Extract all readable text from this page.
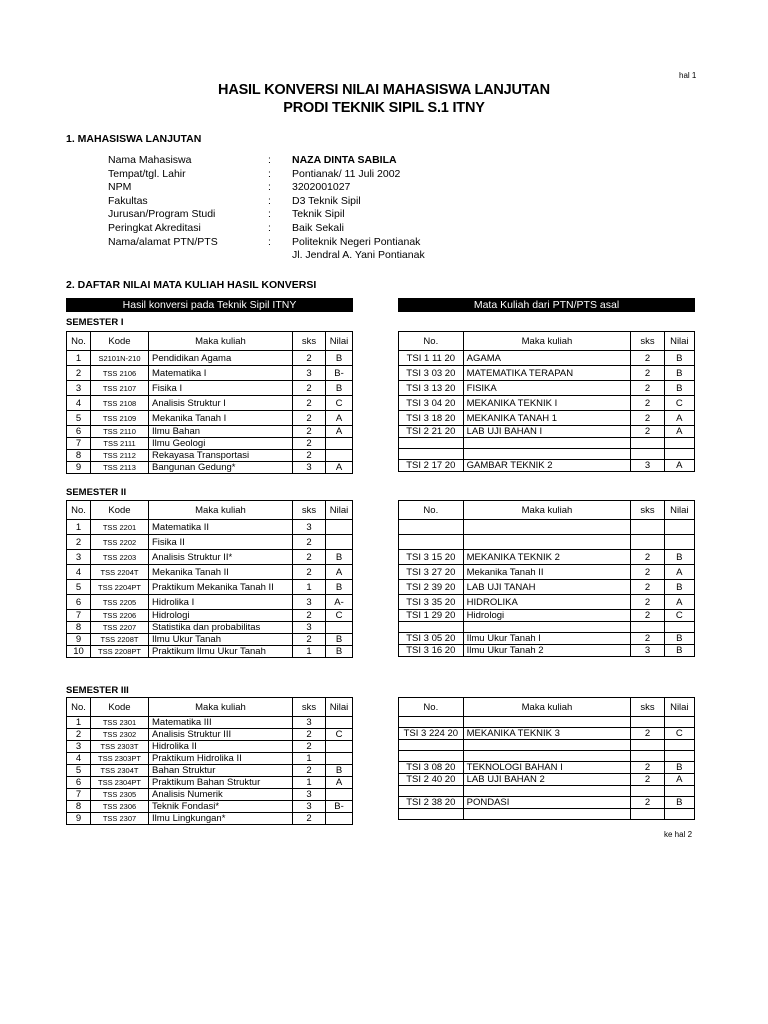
hal 1
HASIL KONVERSI NILAI MAHASISWA LANJUTAN
PRODI TEKNIK SIPIL S.1 ITNY
1. MAHASISWA LANJUTAN
Nama Mahasiswa	: NAZA DINTA SABILA
Tempat/tgl. Lahir	: Pontianak/ 11 Juli 2002
NPM	: 3202001027
Fakultas	: D3 Teknik Sipil
Jurusan/Program Studi	: Teknik Sipil
Peringkat Akreditasi	: Baik Sekali
Nama/alamat PTN/PTS	: Politeknik Negeri Pontianak
Jl. Jendral A. Yani Pontianak
2. DAFTAR NILAI MATA KULIAH HASIL KONVERSI
Hasil konversi pada Teknik Sipil ITNY	Mata Kuliah dari PTN/PTS asal
SEMESTER I
No.	Kode	Maka kuliah	sks	Nilai
1	S2101N-210	Pendidikan Agama	2	B
2	TSS 2106	Matematika I	3	B-
3	TSS 2107	Fisika I	2	B
4	TSS 2108	Analisis Struktur I	2	C
5	TSS 2109	Mekanika Tanah I	2	A
6	TSS 2110	Ilmu Bahan	2	A
7	TSS 2111	Ilmu Geologi	2	
8	TSS 2112	Rekayasa Transportasi	2	
9	TSS 2113	Bangunan Gedung*	3	A
No.	Maka kuliah	sks	Nilai
TSI 1 11 20	AGAMA	2	B
TSI 3 03 20	MATEMATIKA TERAPAN	2	B
TSI 3 13 20	FISIKA	2	B
TSI 3 04 20	MEKANIKA TEKNIK I	2	C
TSI 3 18 20	MEKANIKA TANAH 1	2	A
TSI 2 21 20	LAB UJI BAHAN I	2	A

TSI 2 17 20	GAMBAR TEKNIK 2	3	A
SEMESTER II
No.	Kode	Maka kuliah	sks	Nilai
1	TSS 2201	Matematika II	3	
2	TSS 2202	Fisika II	2	
3	TSS 2203	Analisis Struktur II*	2	B
4	TSS 2204T	Mekanika Tanah II	2	A
5	TSS 2204PT	Praktikum Mekanika Tanah II	1	B
6	TSS 2205	Hidrolika I	3	A-
7	TSS 2206	Hidrologi	2	C
8	TSS 2207	Statistika dan probabilitas	3	
9	TSS 2208T	Ilmu Ukur Tanah	2	B
10	TSS 2208PT	Praktikum Ilmu Ukur Tanah	1	B
No.	Maka kuliah	sks	Nilai

TSI 3 15 20	MEKANIKA TEKNIK 2	2	B
TSI 3 27 20	Mekanika Tanah II	2	A
TSI 2 39 20	LAB UJI TANAH	2	B
TSI 3 35 20	HIDROLIKA	2	A
TSI 1 29 20	Hidrologi	2	C

TSI 3 05 20	Ilmu Ukur Tanah I	2	B
TSI 3 16 20	Ilmu Ukur Tanah 2	3	B
SEMESTER III
No.	Kode	Maka kuliah	sks	Nilai
1	TSS 2301	Matematika III	3	
2	TSS 2302	Analisis Struktur III	2	C
3	TSS 2303T	Hidrolika II	2	
4	TSS 2303PT	Praktikum Hidrolika II	1	
5	TSS 2304T	Bahan Struktur	2	B
6	TSS 2304PT	Praktikum Bahan Struktur	1	A
7	TSS 2305	Analisis Numerik	3	
8	TSS 2306	Teknik Fondasi*	3	B-
9	TSS 2307	Ilmu Lingkungan*	2	
No.	Maka kuliah	sks	Nilai

TSI 3 224 20	MEKANIKA TEKNIK 3	2	C

TSI 3 08 20	TEKNOLOGI BAHAN I	2	B
TSI 2 40 20	LAB UJI BAHAN 2	2	A

TSI 2 38 20	PONDASI	2	B

ke hal 2
